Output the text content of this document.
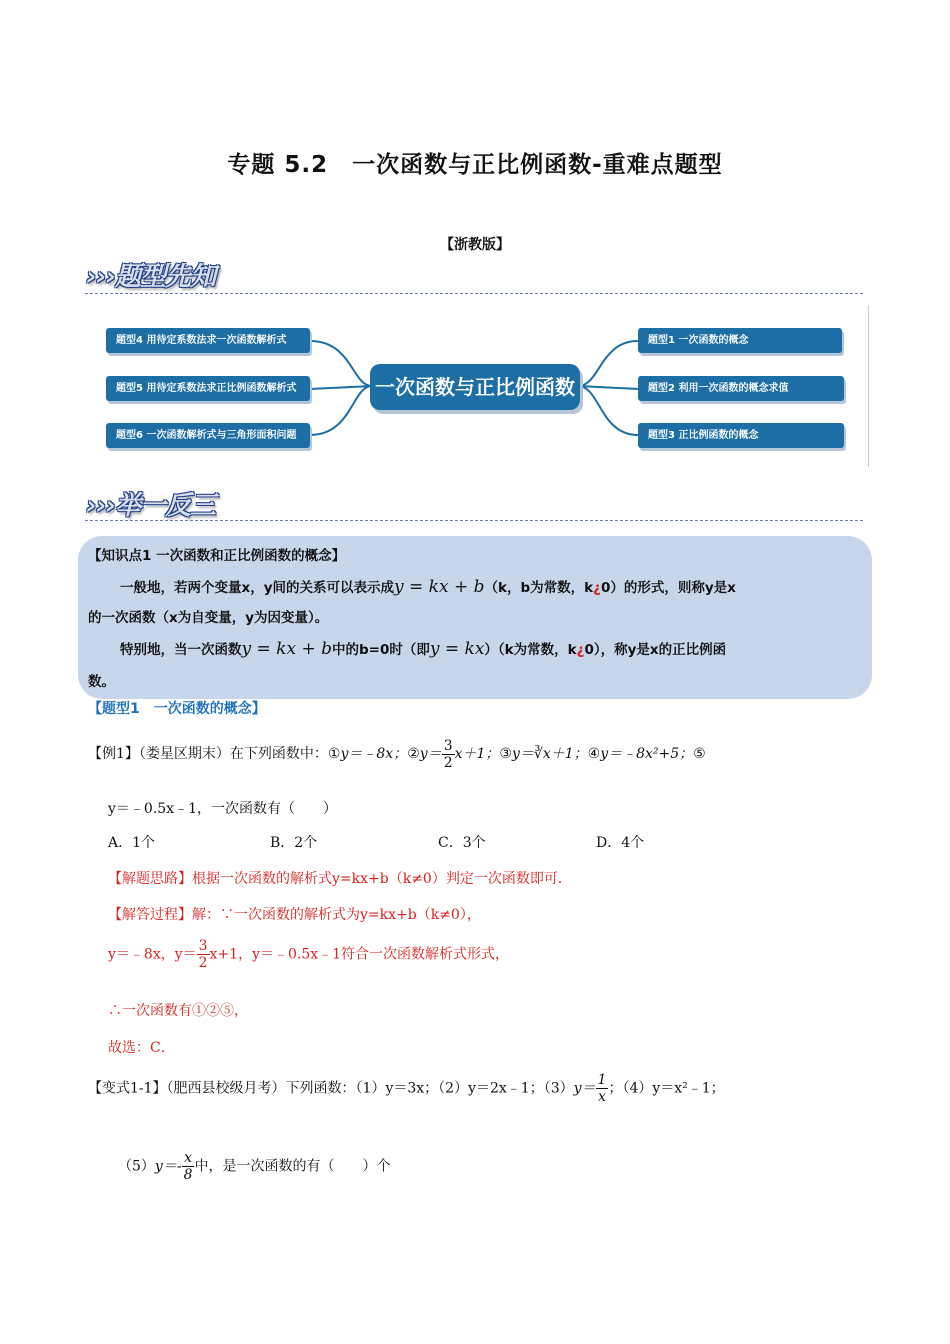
专题 5.2　一次函数与正比例函数-重难点题型
【浙教版】
›››题型先知
题型4 用待定系数法求一次函数解析式
题型5 用待定系数法求正比例函数解析式
题型6 一次函数解析式与三角形面积问题
一次函数与正比例函数
题型1 一次函数的概念
题型2 利用一次函数的概念求值
题型3 正比例函数的概念
›››举一反三
【知识点1 一次函数和正比例函数的概念】
一般地，若两个变量x，y间的关系可以表示成y = kx + b（k，b为常数，k¿0）的形式，则称y是x
的一次函数（x为自变量，y为因变量）。
特别地，当一次函数y = kx + b中的b=0时（即y = kx）（k为常数，k¿0），称y是x的正比例函
数。
【题型1　一次函数的概念】
【例1】（娄星区期末）在下列函数中：①y＝﹣8x；②y＝ $\frac{3}{2} x+1$；③y＝∛x＋1；④y＝﹣8x²+5；⑤
y＝﹣0.5x﹣1，一次函数有（　　）
A．1个	B．2个	C．3个	D．4个
【解题思路】根据一次函数的解析式y=kx+b（k≠0）判定一次函数即可．
【解答过程】解：∵一次函数的解析式为y=kx+b（k≠0），
y＝﹣8x，$y= \frac{3}{2} x+1$，y＝﹣0.5x﹣1符合一次函数解析式形式，
∴一次函数有①②⑤，
故选：C．
【变式1-1】（肥西县校级月考）下列函数：（1）y＝3x；（2）y＝2x﹣1；$(3)y= \frac{1}{x}$ ；（4）y＝x²﹣1；
$(5)y=- \frac{x}{8}$ 中，是一次函数的有（　　）个
